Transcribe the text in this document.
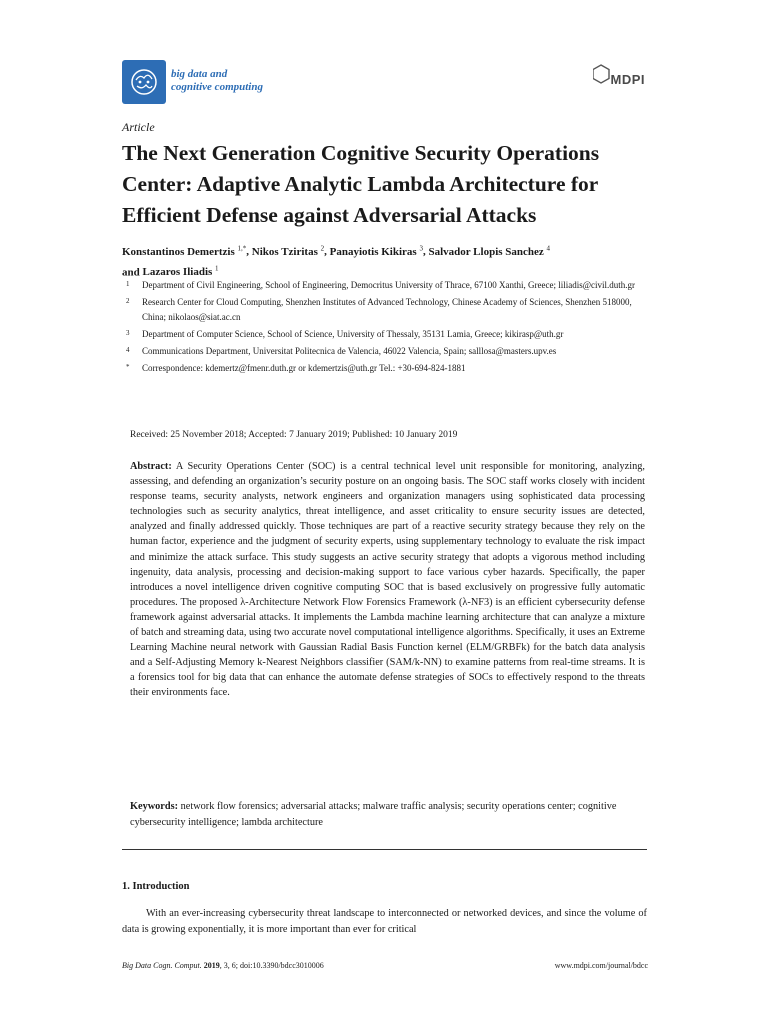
big data and
cognitive computing	MDPI
Article
The Next Generation Cognitive Security Operations Center: Adaptive Analytic Lambda Architecture for Efficient Defense against Adversarial Attacks
Konstantinos Demertzis $^{1,*}$, Nikos Tziritas $^2$, Panayiotis Kikiras $^3$, Salvador Llopis Sanchez $^4$
and Lazaros Iliadis $^1$
1 Department of Civil Engineering, School of Engineering, Democritus University of Thrace, 67100 Xanthi, Greece; liliadis@civil.duth.gr
2 Research Center for Cloud Computing, Shenzhen Institutes of Advanced Technology, Chinese Academy of Sciences, Shenzhen 518000, China; nikolaos@siat.ac.cn
3 Department of Computer Science, School of Science, University of Thessaly, 35131 Lamia, Greece; kikirasp@uth.gr
4 Communications Department, Universitat Politecnica de Valencia, 46022 Valencia, Spain; salllosa@masters.upv.es
* Correspondence: kdemertz@fmenr.duth.gr or kdemertzis@uth.gr Tel.: +30-694-824-1881
Received: 25 November 2018; Accepted: 7 January 2019; Published: 10 January 2019

Abstract: A Security Operations Center (SOC) is a central technical level unit responsible for monitoring, analyzing, assessing, and defending an organization’s security posture on an ongoing basis. The SOC staff works closely with incident response teams, security analysts, network engineers and organization managers using sophisticated data processing technologies such as security analytics, threat intelligence, and asset criticality to ensure security issues are detected, analyzed and finally addressed quickly. Those techniques are part of a reactive security strategy because they rely on the human factor, experience and the judgment of security experts, using supplementary technology to evaluate the risk impact and minimize the attack surface. This study suggests an active security strategy that adopts a vigorous method including ingenuity, data analysis, processing and decision-making support to face various cyber hazards. Specifically, the paper introduces a novel intelligence driven cognitive computing SOC that is based exclusively on progressive fully automatic procedures. The proposed λ-Architecture Network Flow Forensics Framework (λ-NF3) is an efficient cybersecurity defense framework against adversarial attacks. It implements the Lambda machine learning architecture that can analyze a mixture of batch and streaming data, using two accurate novel computational intelligence algorithms. Specifically, it uses an Extreme Learning Machine neural network with Gaussian Radial Basis Function kernel (ELM/GRBFk) for the batch data analysis and a Self-Adjusting Memory k-Nearest Neighbors classifier (SAM/k-NN) to examine patterns from real-time streams. It is a forensics tool for big data that can enhance the automate defense strategies of SOCs to effectively respond to the threats their environments face.

Keywords: network flow forensics; adversarial attacks; malware traffic analysis; security operations center; cognitive cybersecurity intelligence; lambda architecture
1. Introduction

With an ever-increasing cybersecurity threat landscape to interconnected or networked devices, and since the volume of data is growing exponentially, it is more important than ever for critical

Big Data Cogn. Comput. 2019, 3, 6; doi:10.3390/bdcc3010006	www.mdpi.com/journal/bdcc
